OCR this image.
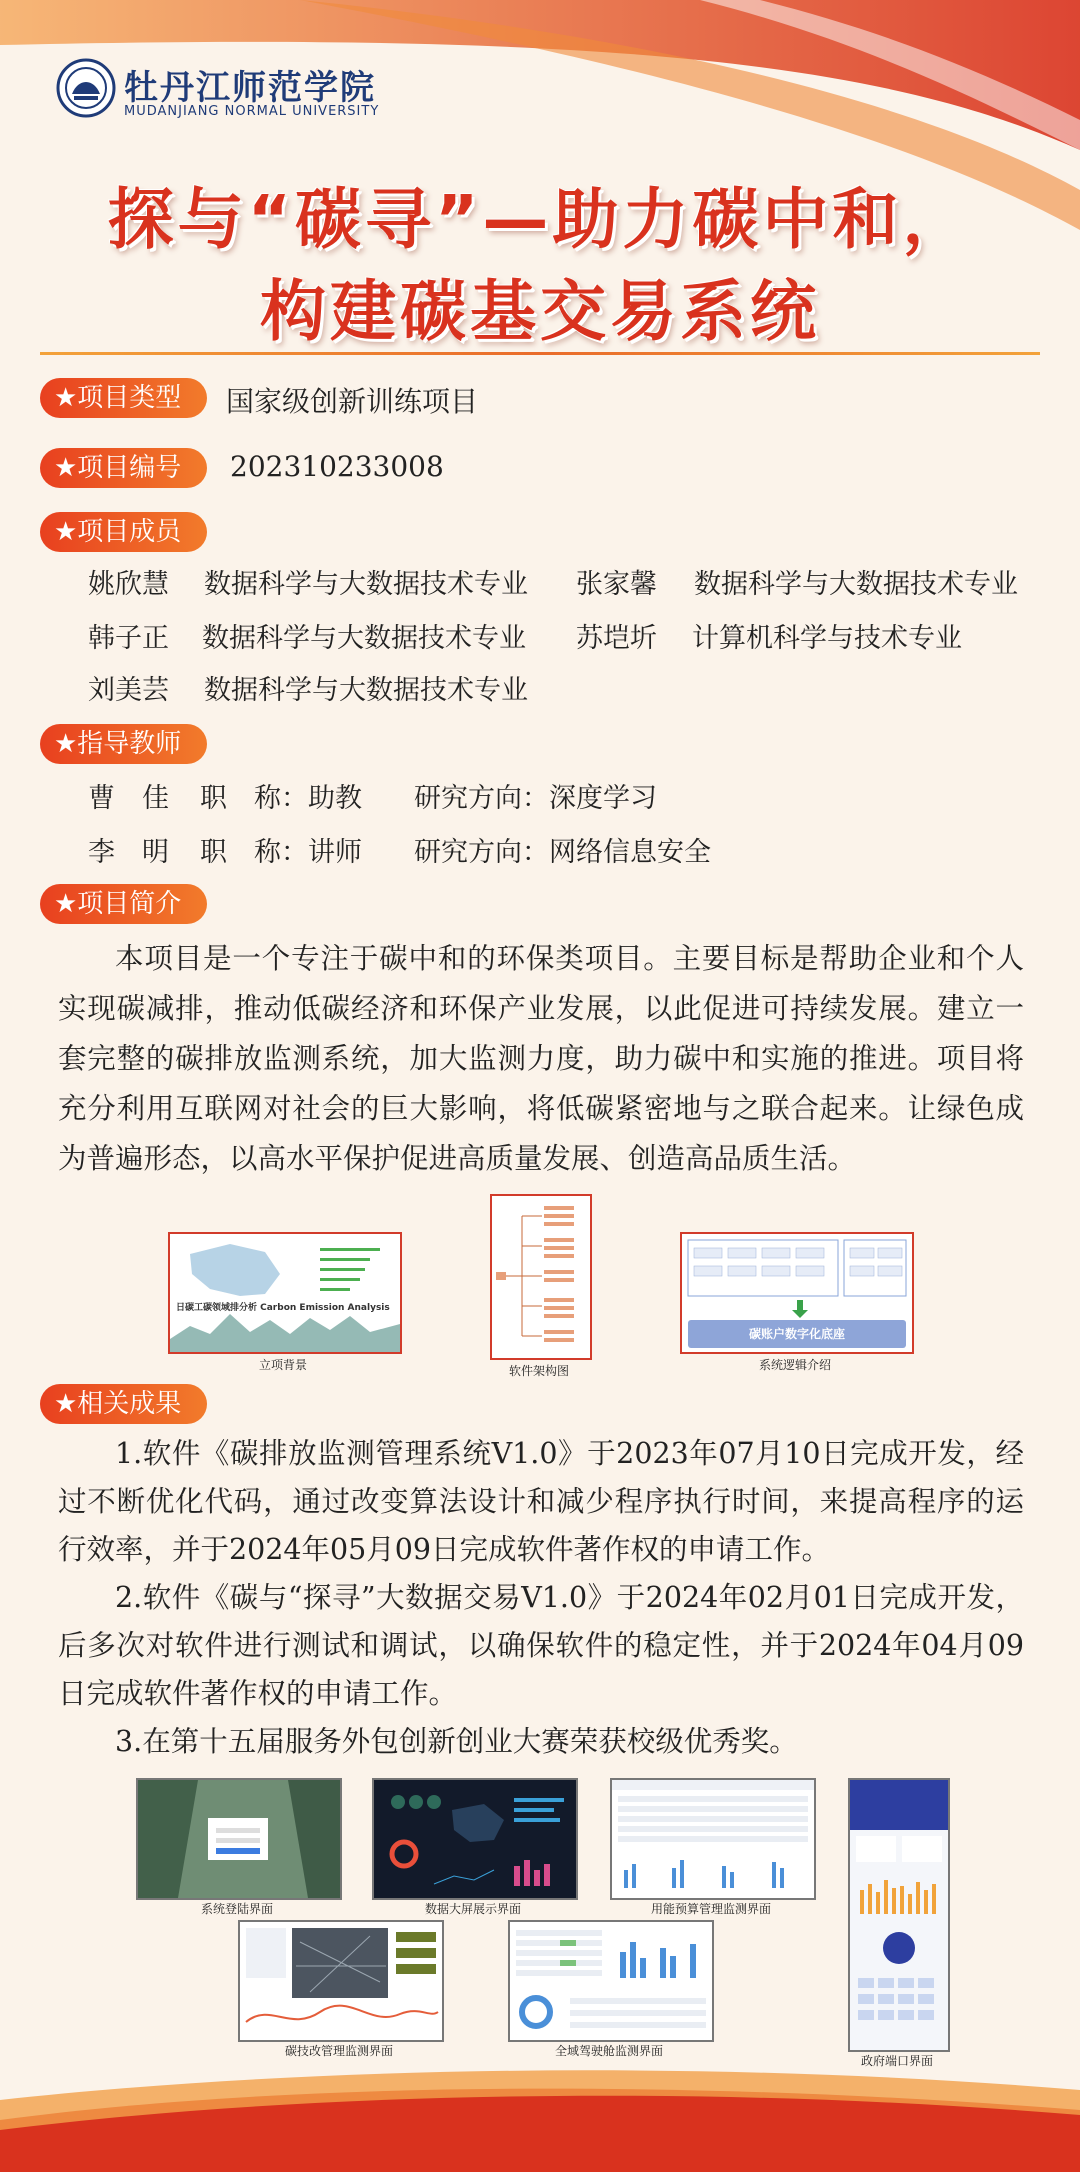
牡丹江师范学院
MUDANJIANG NORMAL UNIVERSITY
探与“碳寻”—助力碳中和，
构建碳基交易系统
★项目类型	国家级创新训练项目
★项目编号	202310233008
★项目成员
姚欣慧 数据科学与大数据技术专业 张家馨 数据科学与大数据技术专业
韩子正 数据科学与大数据技术专业 苏垲圻 计算机科学与技术专业
刘美芸 数据科学与大数据技术专业
★指导教师
曹　佳 职　称：助教 研究方向：深度学习
李　明 职　称：讲师 研究方向：网络信息安全
★项目简介

本项目是一个专注于碳中和的环保类项目。主要目标是帮助企业和个人实现碳减排，推动低碳经济和环保产业发展，以此促进可持续发展。建立一套完整的碳排放监测系统，加大监测力度，助力碳中和实施的推进。项目将充分利用互联网对社会的巨大影响，将低碳紧密地与之联合起来。让绿色成为普遍形态，以高水平保护促进高质量发展、创造高品质生活。

日碳工碳领域排分析 Carbon Emission Analysis
立项背景	软件架构图
碳账户数字化底座
系统逻辑介绍
★相关成果

1.软件《碳排放监测管理系统V1.0》于2023年07月10日完成开发，经过不断优化代码，通过改变算法设计和减少程序执行时间，来提高程序的运行效率，并于2024年05月09日完成软件著作权的申请工作。

2.软件《碳与“探寻”大数据交易V1.0》于2024年02月01日完成开发，后多次对软件进行测试和调试，以确保软件的稳定性，并于2024年04月09日完成软件著作权的申请工作。

3.在第十五届服务外包创新创业大赛荣获校级优秀奖。

系统登陆界面	数据大屏展示界面	用能预算管理监测界面
政府端口界面
碳技改管理监测界面	全域驾驶舱监测界面
